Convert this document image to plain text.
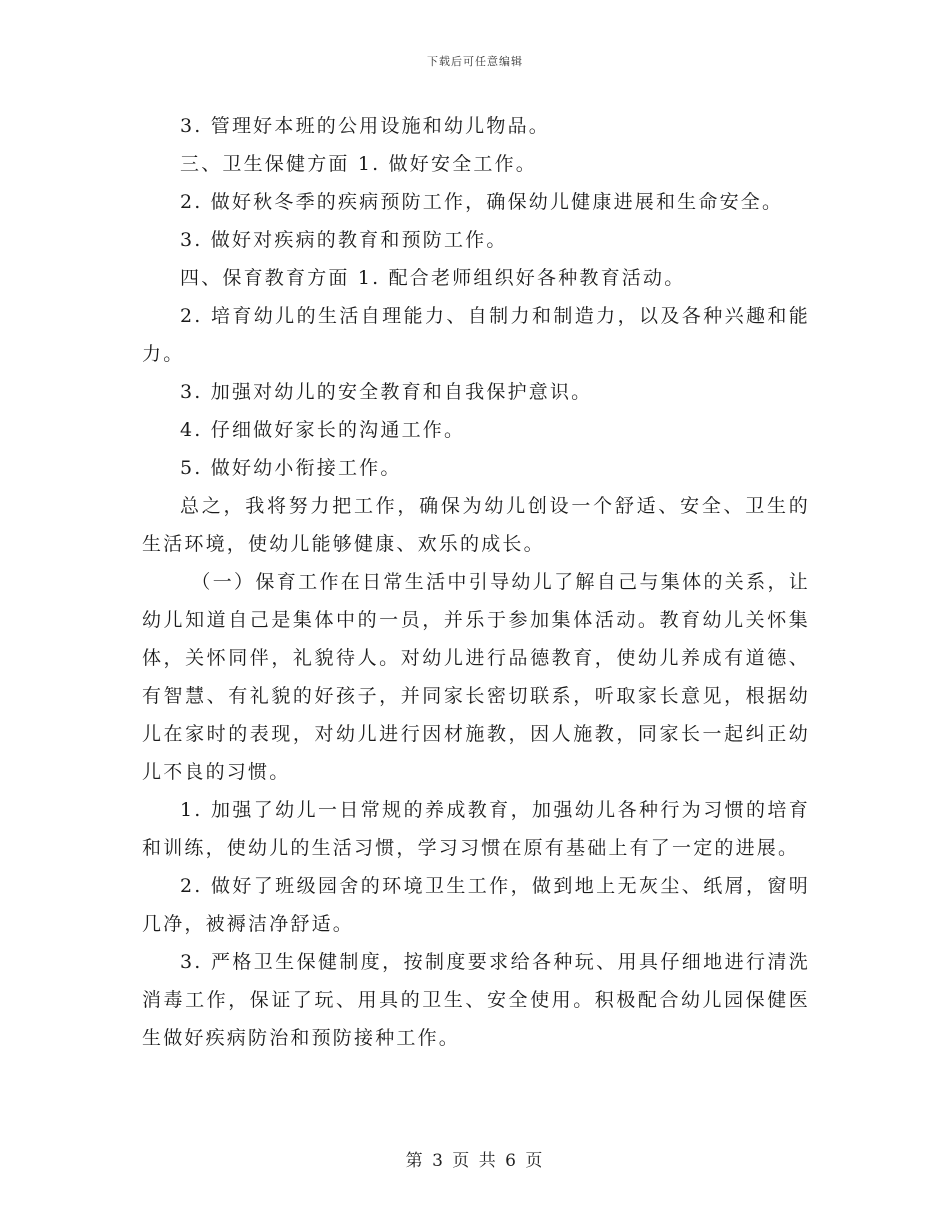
下载后可任意编辑

3. 管理好本班的公用设施和幼儿物品。

三、卫生保健方面 1. 做好安全工作。

2. 做好秋冬季的疾病预防工作，确保幼儿健康进展和生命安全。

3. 做好对疾病的教育和预防工作。

四、保育教育方面 1. 配合老师组织好各种教育活动。

2. 培育幼儿的生活自理能力、自制力和制造力，以及各种兴趣和能力。

3. 加强对幼儿的安全教育和自我保护意识。

4. 仔细做好家长的沟通工作。

5. 做好幼小衔接工作。

总之，我将努力把工作，确保为幼儿创设一个舒适、安全、卫生的生活环境，使幼儿能够健康、欢乐的成长。

（一）保育工作在日常生活中引导幼儿了解自己与集体的关系，让幼儿知道自己是集体中的一员，并乐于参加集体活动。教育幼儿关怀集体，关怀同伴，礼貌待人。对幼儿进行品德教育，使幼儿养成有道德、有智慧、有礼貌的好孩子，并同家长密切联系，听取家长意见，根据幼儿在家时的表现，对幼儿进行因材施教，因人施教，同家长一起纠正幼儿不良的习惯。

1. 加强了幼儿一日常规的养成教育，加强幼儿各种行为习惯的培育和训练，使幼儿的生活习惯，学习习惯在原有基础上有了一定的进展。

2. 做好了班级园舍的环境卫生工作，做到地上无灰尘、纸屑，窗明几净，被褥洁净舒适。

3. 严格卫生保健制度，按制度要求给各种玩、用具仔细地进行清洗消毒工作，保证了玩、用具的卫生、安全使用。积极配合幼儿园保健医生做好疾病防治和预防接种工作。

第 3 页 共 6 页
